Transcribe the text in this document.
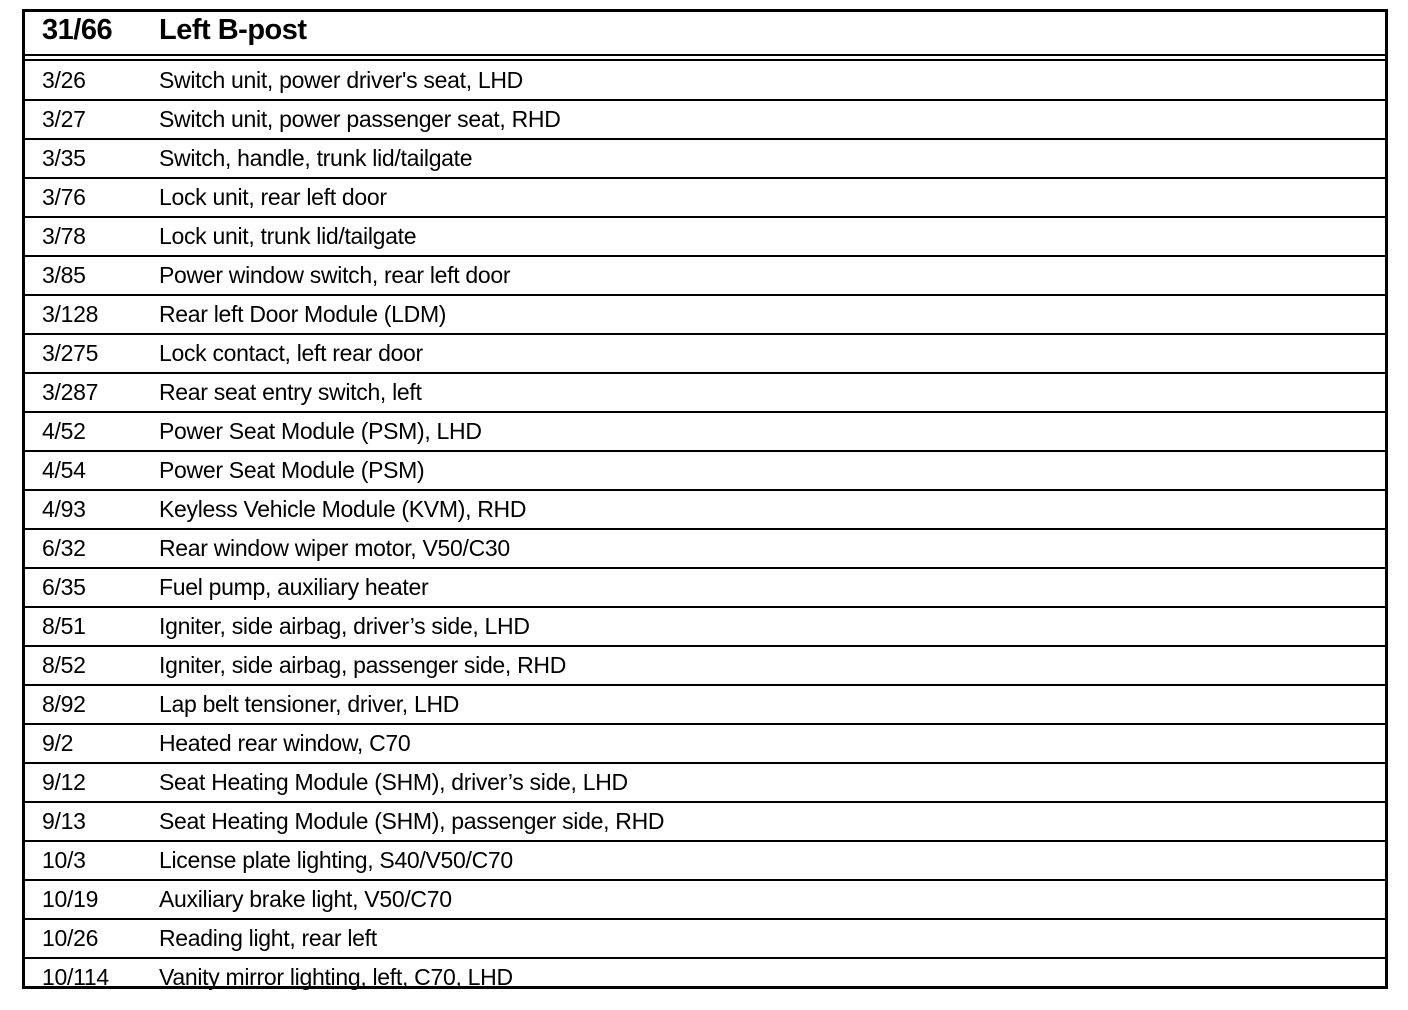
31/66 Left B-post
3/26	Switch unit, power driver's seat, LHD
3/27	Switch unit, power passenger seat, RHD
3/35	Switch, handle, trunk lid/tailgate
3/76	Lock unit, rear left door
3/78	Lock unit, trunk lid/tailgate
3/85	Power window switch, rear left door
3/128	Rear left Door Module (LDM)
3/275	Lock contact, left rear door
3/287	Rear seat entry switch, left
4/52	Power Seat Module (PSM), LHD
4/54	Power Seat Module (PSM)
4/93	Keyless Vehicle Module (KVM), RHD
6/32	Rear window wiper motor, V50/C30
6/35	Fuel pump, auxiliary heater
8/51	Igniter, side airbag, driver’s side, LHD
8/52	Igniter, side airbag, passenger side, RHD
8/92	Lap belt tensioner, driver, LHD
9/2	Heated rear window, C70
9/12	Seat Heating Module (SHM), driver’s side, LHD
9/13	Seat Heating Module (SHM), passenger side, RHD
10/3	License plate lighting, S40/V50/C70
10/19	Auxiliary brake light, V50/C70
10/26	Reading light, rear left
10/114 Vanity mirror lighting, left, C70, LHD
